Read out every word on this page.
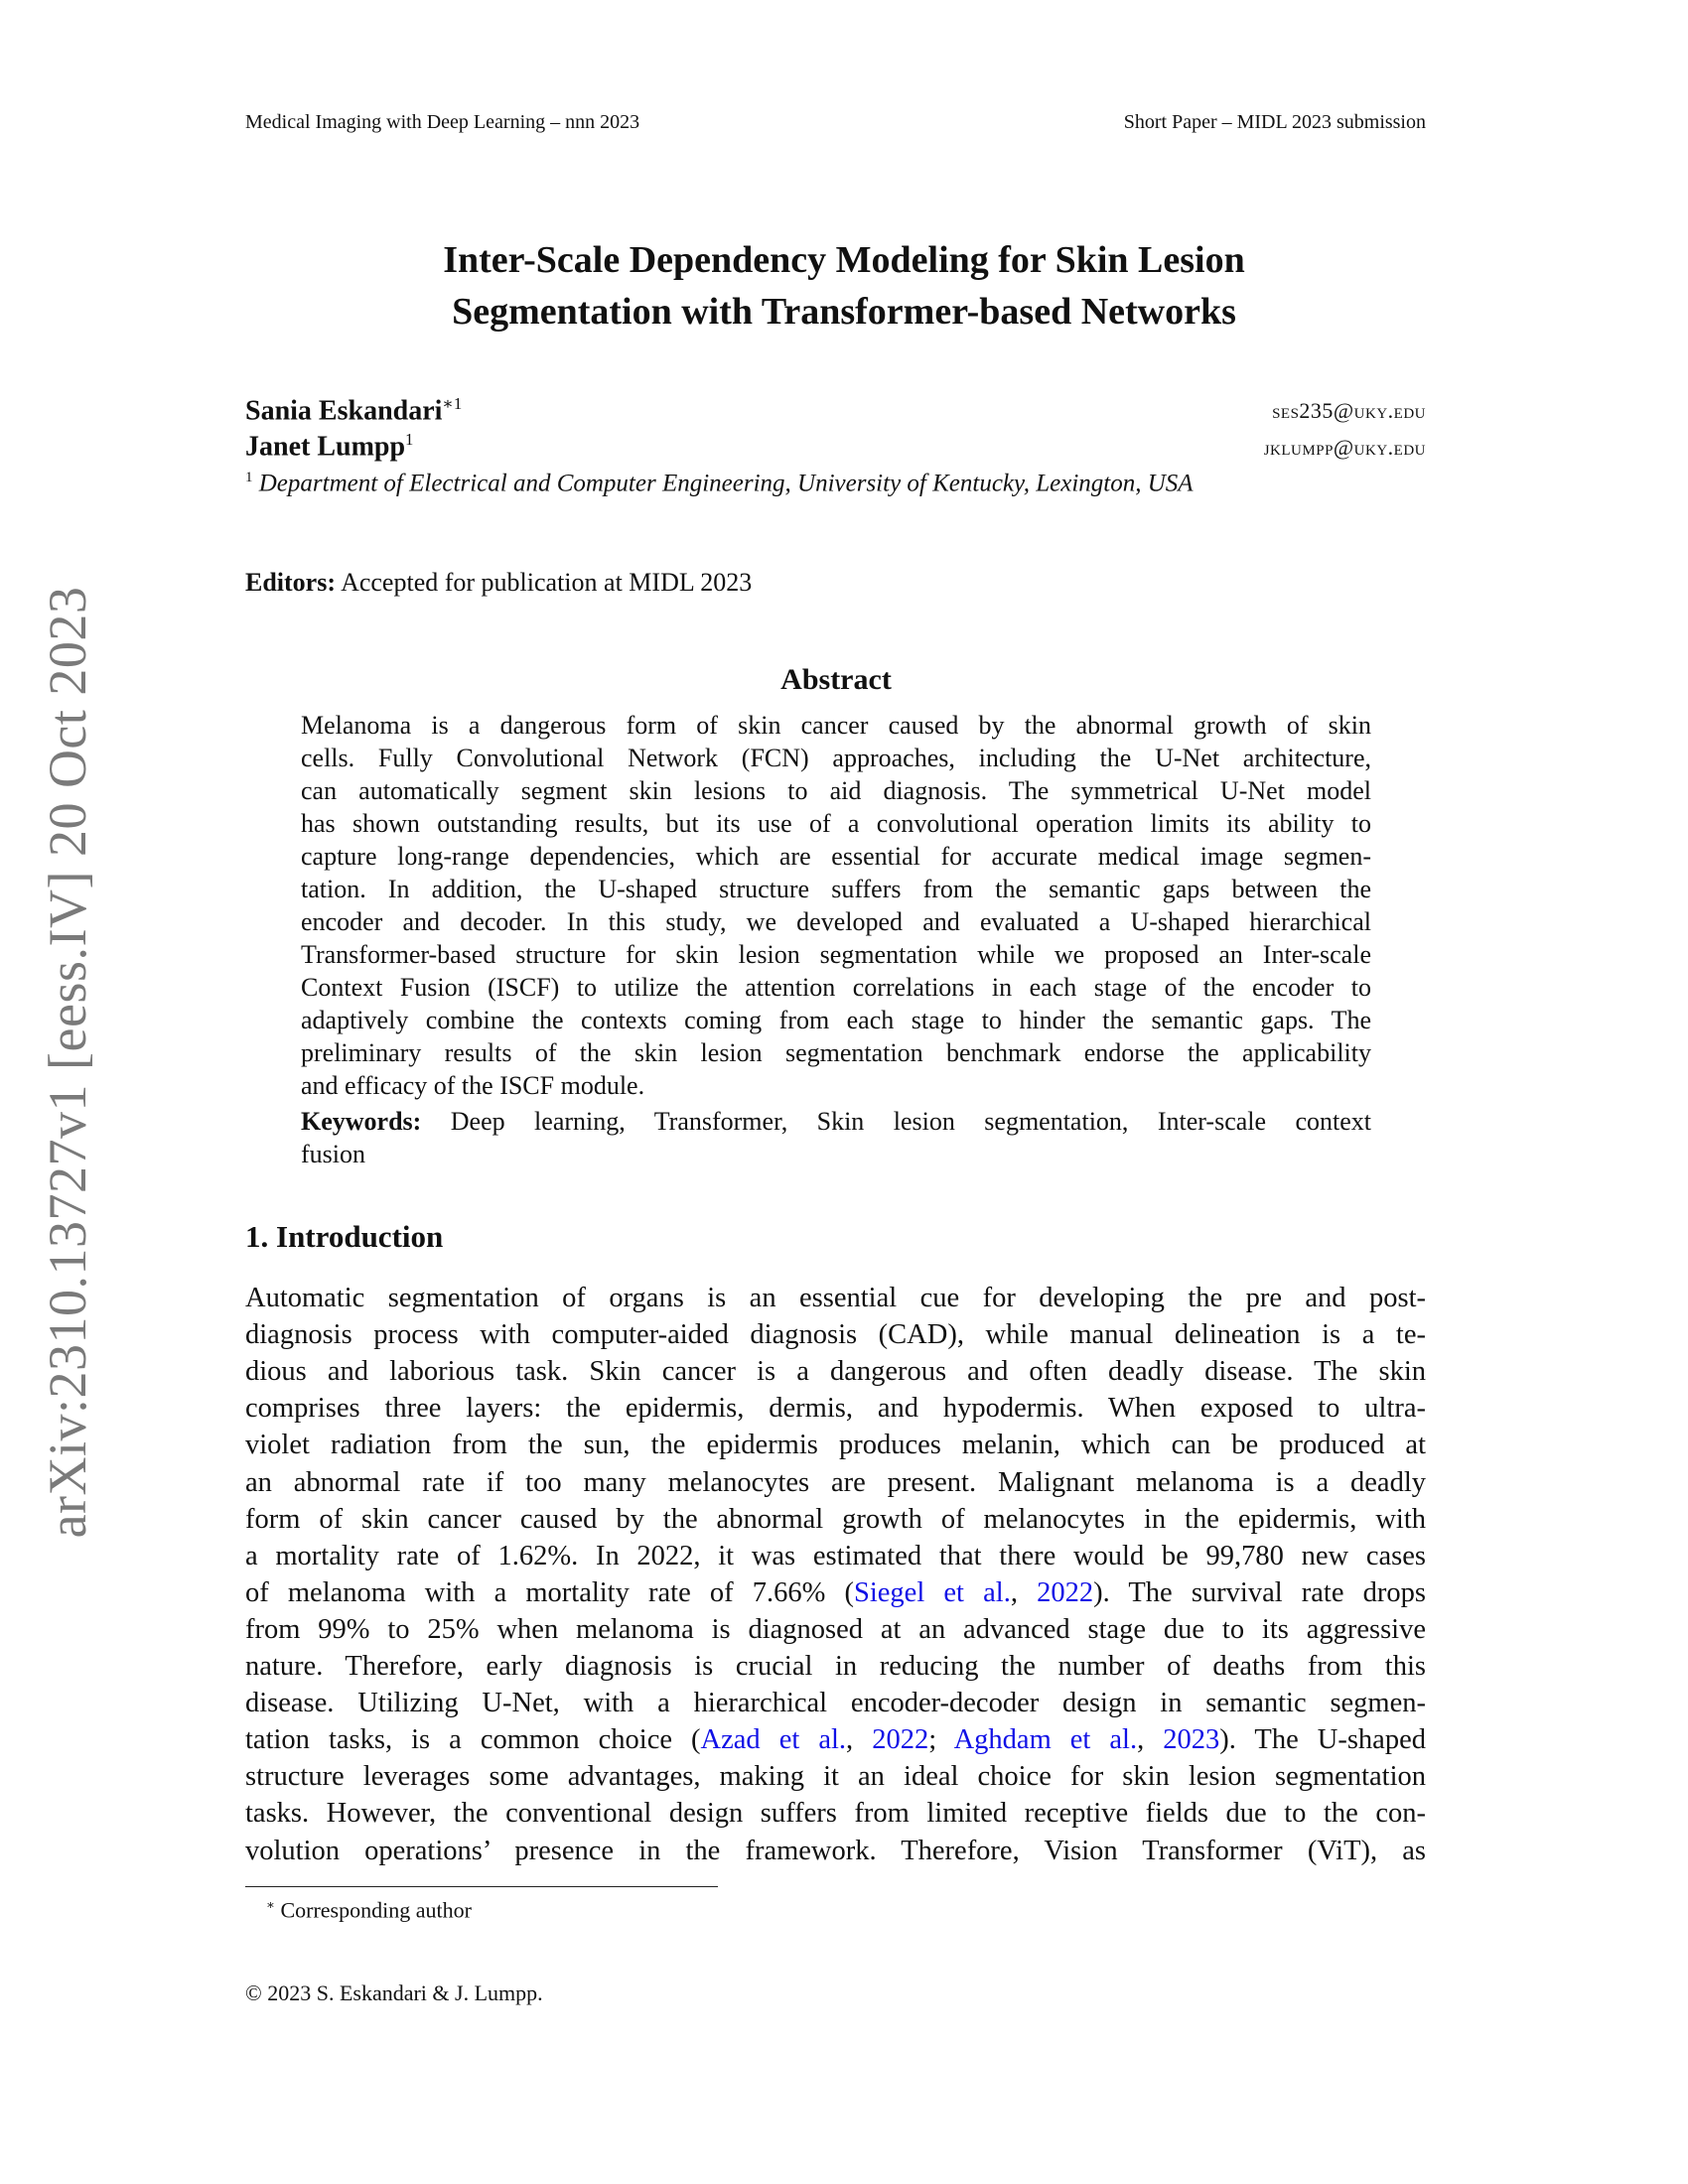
arXiv:2310.13727v1 [eess.IV] 20 Oct 2023
Medical Imaging with Deep Learning – nnn 2023	Short Paper – MIDL 2023 submission
Inter-Scale Dependency Modeling for Skin Lesion
Segmentation with Transformer-based Networks
Sania Eskandari$^{∗1}$	ses235@uky.edu
Janet Lumpp$^1$	jklumpp@uky.edu
$^1$ Department of Electrical and Computer Engineering, University of Kentucky, Lexington, USA
Editors: Accepted for publication at MIDL 2023
Abstract
Melanoma is a dangerous form of skin cancer caused by the abnormal growth of skin
cells. Fully Convolutional Network (FCN) approaches, including the U-Net architecture,
can automatically segment skin lesions to aid diagnosis. The symmetrical U-Net model
has shown outstanding results, but its use of a convolutional operation limits its ability to
capture long-range dependencies, which are essential for accurate medical image segmen-
tation. In addition, the U-shaped structure suffers from the semantic gaps between the
encoder and decoder. In this study, we developed and evaluated a U-shaped hierarchical
Transformer-based structure for skin lesion segmentation while we proposed an Inter-scale
Context Fusion (ISCF) to utilize the attention correlations in each stage of the encoder to
adaptively combine the contexts coming from each stage to hinder the semantic gaps. The
preliminary results of the skin lesion segmentation benchmark endorse the applicability
and efficacy of the ISCF module.
Keywords: Deep learning, Transformer, Skin lesion segmentation, Inter-scale context
fusion
1. Introduction
Automatic segmentation of organs is an essential cue for developing the pre and post-
diagnosis process with computer-aided diagnosis (CAD), while manual delineation is a te-
dious and laborious task. Skin cancer is a dangerous and often deadly disease. The skin
comprises three layers: the epidermis, dermis, and hypodermis. When exposed to ultra-
violet radiation from the sun, the epidermis produces melanin, which can be produced at
an abnormal rate if too many melanocytes are present. Malignant melanoma is a deadly
form of skin cancer caused by the abnormal growth of melanocytes in the epidermis, with
a mortality rate of 1.62%. In 2022, it was estimated that there would be 99,780 new cases
of melanoma with a mortality rate of 7.66% (Siegel et al., 2022). The survival rate drops
from 99% to 25% when melanoma is diagnosed at an advanced stage due to its aggressive
nature. Therefore, early diagnosis is crucial in reducing the number of deaths from this
disease. Utilizing U-Net, with a hierarchical encoder-decoder design in semantic segmen-
tation tasks, is a common choice (Azad et al., 2022; Aghdam et al., 2023). The U-shaped
structure leverages some advantages, making it an ideal choice for skin lesion segmentation
tasks. However, the conventional design suffers from limited receptive fields due to the con-
volution operations’ presence in the framework. Therefore, Vision Transformer (ViT), as
∗ Corresponding author
© 2023 S. Eskandari & J. Lumpp.
